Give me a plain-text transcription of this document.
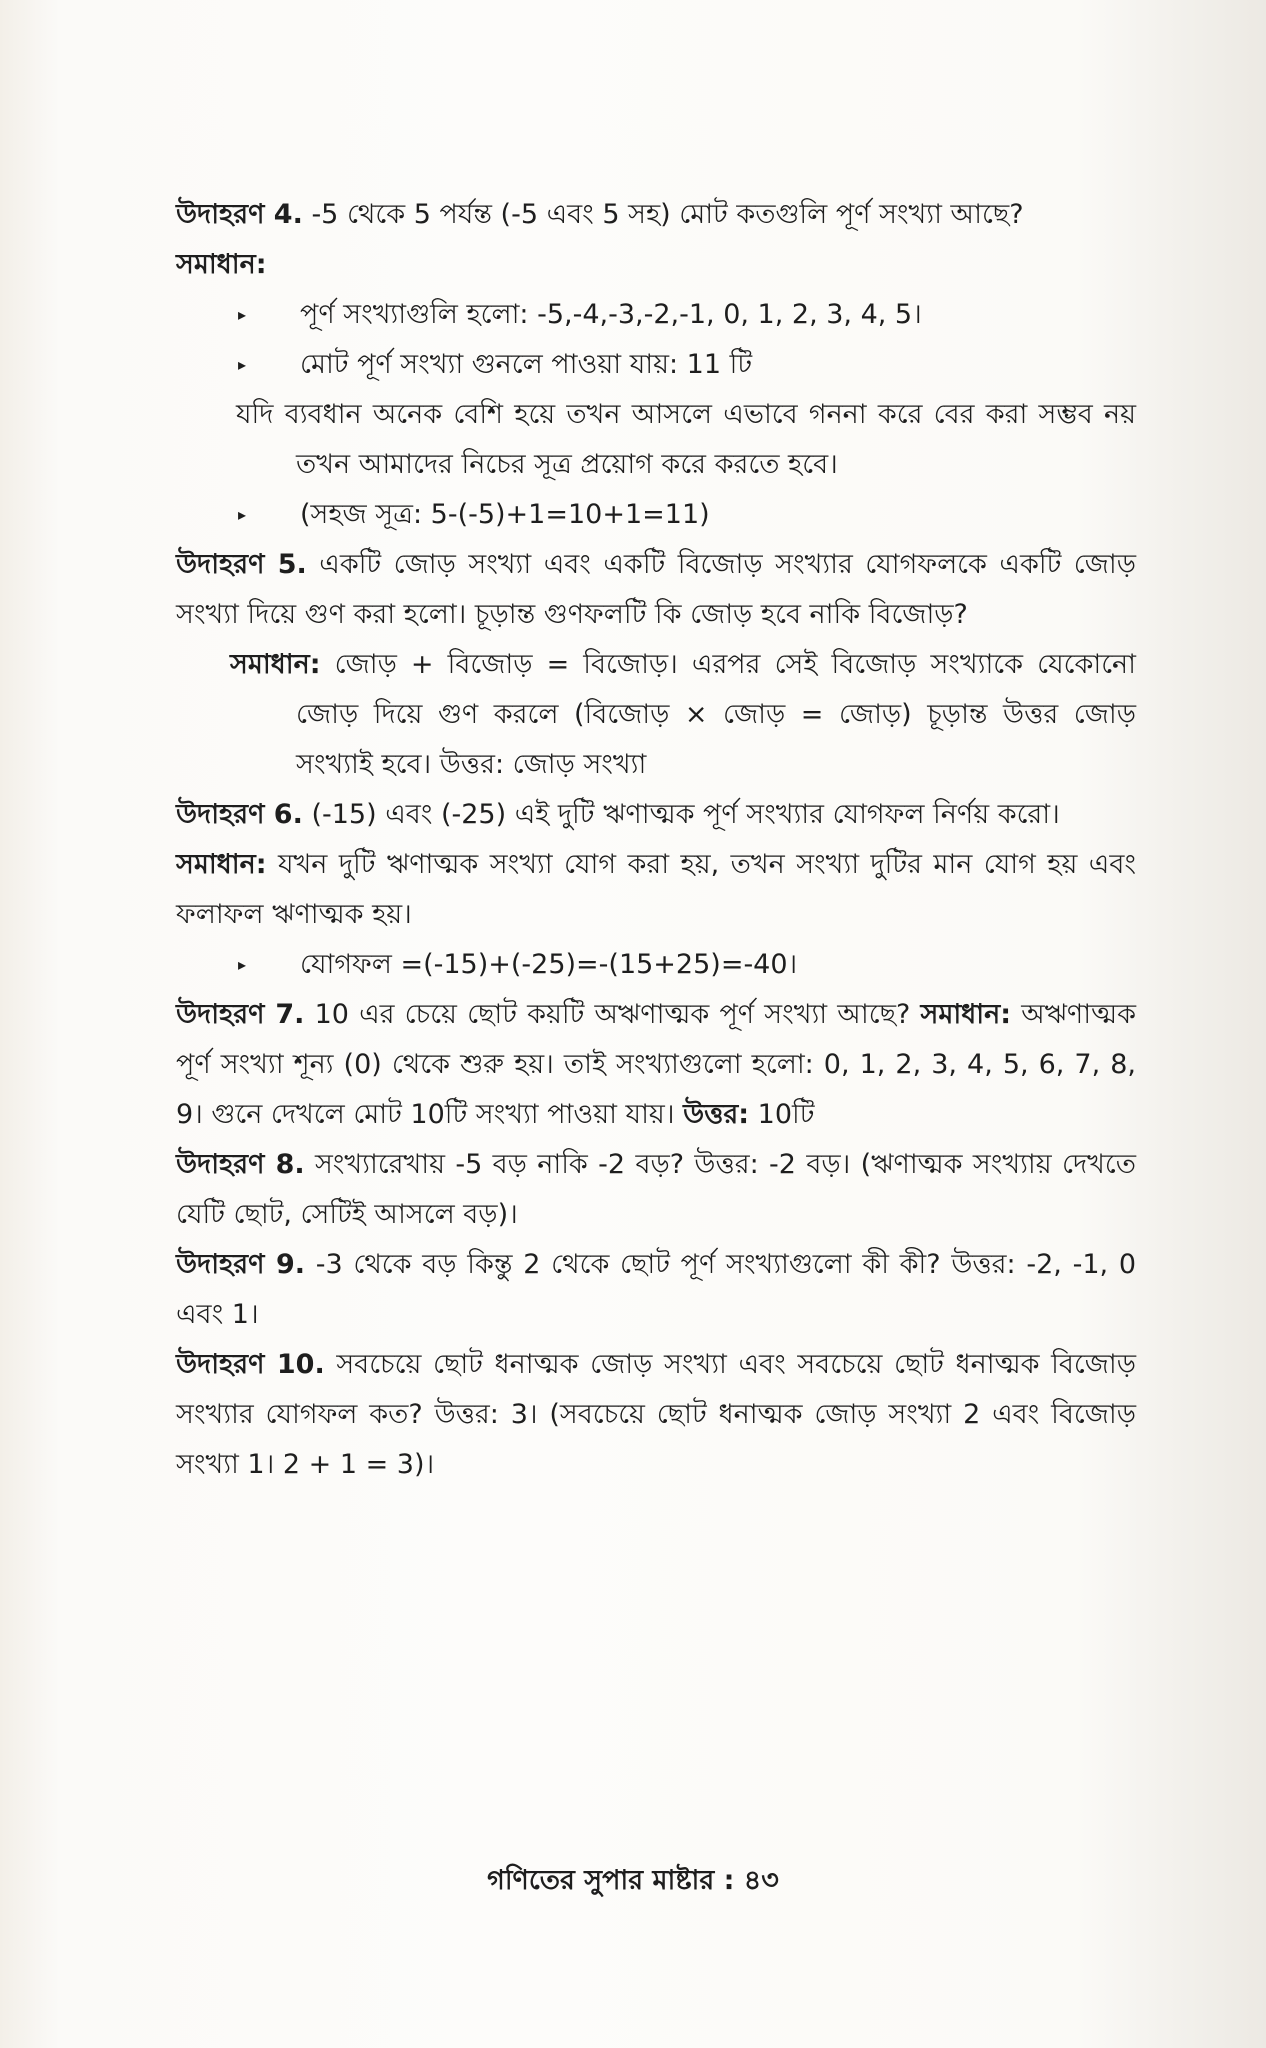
উদাহরণ 4. -5 থেকে 5 পর্যন্ত (-5 এবং 5 সহ) মোট কতগুলি পূর্ণ সংখ্যা আছে?

সমাধান:

▸ পূর্ণ সংখ্যাগুলি হলো: -5,-4,-3,-2,-1, 0, 1, 2, 3, 4, 5।

▸ মোট পূর্ণ সংখ্যা গুনলে পাওয়া যায়: 11 টি

যদি ব্যবধান অনেক বেশি হয়ে তখন আসলে এভাবে গননা করে বের করা সম্ভব নয় তখন আমাদের নিচের সূত্র প্রয়োগ করে করতে হবে।

▸ (সহজ সূত্র: 5-(-5)+1=10+1=11)

উদাহরণ 5. একটি জোড় সংখ্যা এবং একটি বিজোড় সংখ্যার যোগফলকে একটি জোড় সংখ্যা দিয়ে গুণ করা হলো। চূড়ান্ত গুণফলটি কি জোড় হবে নাকি বিজোড়?

সমাধান: জোড় + বিজোড় = বিজোড়। এরপর সেই বিজোড় সংখ্যাকে যেকোনো জোড় দিয়ে গুণ করলে (বিজোড় × জোড় = জোড়) চূড়ান্ত উত্তর জোড় সংখ্যাই হবে। উত্তর: জোড় সংখ্যা

উদাহরণ 6. (-15) এবং (-25) এই দুটি ঋণাত্মক পূর্ণ সংখ্যার যোগফল নির্ণয় করো।

সমাধান: যখন দুটি ঋণাত্মক সংখ্যা যোগ করা হয়, তখন সংখ্যা দুটির মান যোগ হয় এবং ফলাফল ঋণাত্মক হয়।

▸ যোগফল =(-15)+(-25)=-(15+25)=-40।

উদাহরণ 7. 10 এর চেয়ে ছোট কয়টি অঋণাত্মক পূর্ণ সংখ্যা আছে? সমাধান: অঋণাত্মক পূর্ণ সংখ্যা শূন্য (0) থেকে শুরু হয়। তাই সংখ্যাগুলো হলো: 0, 1, 2, 3, 4, 5, 6, 7, 8, 9। গুনে দেখলে মোট 10টি সংখ্যা পাওয়া যায়। উত্তর: 10টি

উদাহরণ 8. সংখ্যারেখায় -5 বড় নাকি -2 বড়? উত্তর: -2 বড়। (ঋণাত্মক সংখ্যায় দেখতে যেটি ছোট, সেটিই আসলে বড়)।

উদাহরণ 9. -3 থেকে বড় কিন্তু 2 থেকে ছোট পূর্ণ সংখ্যাগুলো কী কী? উত্তর: -2, -1, 0 এবং 1।

উদাহরণ 10. সবচেয়ে ছোট ধনাত্মক জোড় সংখ্যা এবং সবচেয়ে ছোট ধনাত্মক বিজোড় সংখ্যার যোগফল কত? উত্তর: 3। (সবচেয়ে ছোট ধনাত্মক জোড় সংখ্যা 2 এবং বিজোড় সংখ্যা 1। 2 + 1 = 3)।

গণিতের সুপার মাষ্টার : ৪৩
